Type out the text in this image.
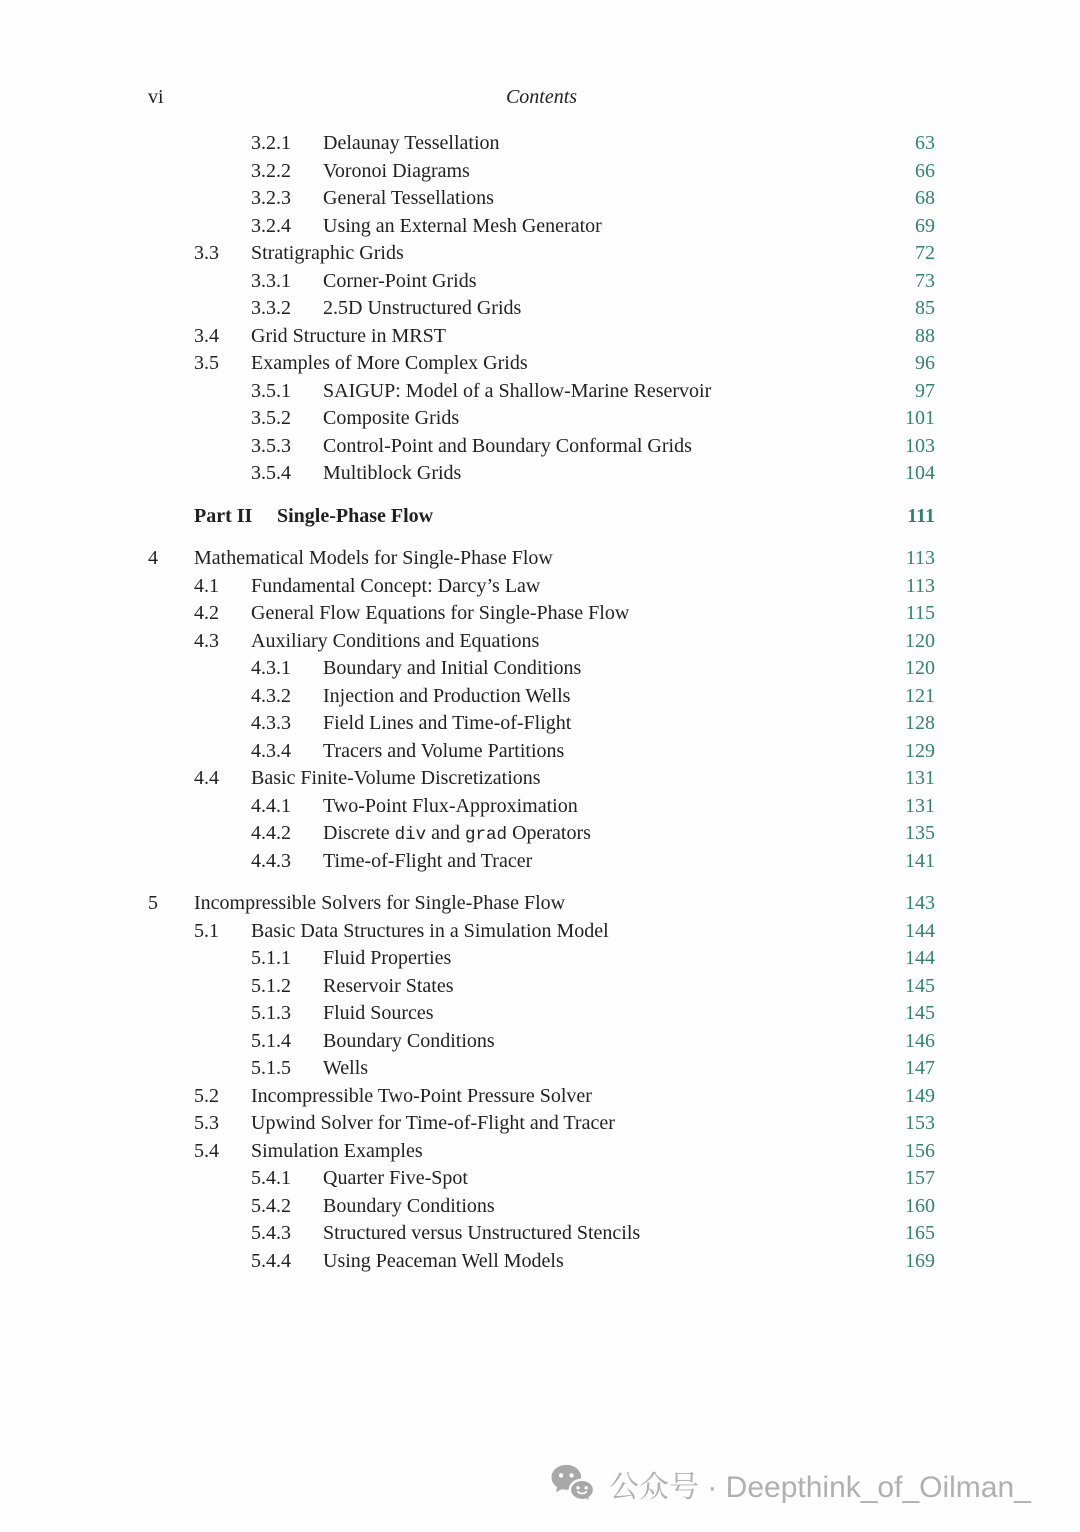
vi	Contents
3.2.1	Delaunay Tessellation	63
3.2.2	Voronoi Diagrams	66
3.2.3	General Tessellations	68
3.2.4	Using an External Mesh Generator	69
3.3	Stratigraphic Grids	72
3.3.1	Corner-Point Grids	73
3.3.2	2.5D Unstructured Grids	85
3.4	Grid Structure in MRST	88
3.5	Examples of More Complex Grids	96
3.5.1	SAIGUP: Model of a Shallow-Marine Reservoir	97
3.5.2	Composite Grids	101
3.5.3	Control-Point and Boundary Conformal Grids	103
3.5.4	Multiblock Grids	104
Part II	Single-Phase Flow	111
4	Mathematical Models for Single-Phase Flow	113
4.1	Fundamental Concept: Darcy’s Law	113
4.2	General Flow Equations for Single-Phase Flow	115
4.3	Auxiliary Conditions and Equations	120
4.3.1	Boundary and Initial Conditions	120
4.3.2	Injection and Production Wells	121
4.3.3	Field Lines and Time-of-Flight	128
4.3.4	Tracers and Volume Partitions	129
4.4	Basic Finite-Volume Discretizations	131
4.4.1	Two-Point Flux-Approximation	131
4.4.2	Discrete div and grad Operators	135
4.4.3	Time-of-Flight and Tracer	141
5	Incompressible Solvers for Single-Phase Flow	143
5.1	Basic Data Structures in a Simulation Model	144
5.1.1	Fluid Properties	144
5.1.2	Reservoir States	145
5.1.3	Fluid Sources	145
5.1.4	Boundary Conditions	146
5.1.5	Wells	147
5.2	Incompressible Two-Point Pressure Solver	149
5.3	Upwind Solver for Time-of-Flight and Tracer	153
5.4	Simulation Examples	156
5.4.1	Quarter Five-Spot	157
5.4.2	Boundary Conditions	160
5.4.3	Structured versus Unstructured Stencils	165
5.4.4	Using Peaceman Well Models	169
公众号 · Deepthink_of_Oilman_
